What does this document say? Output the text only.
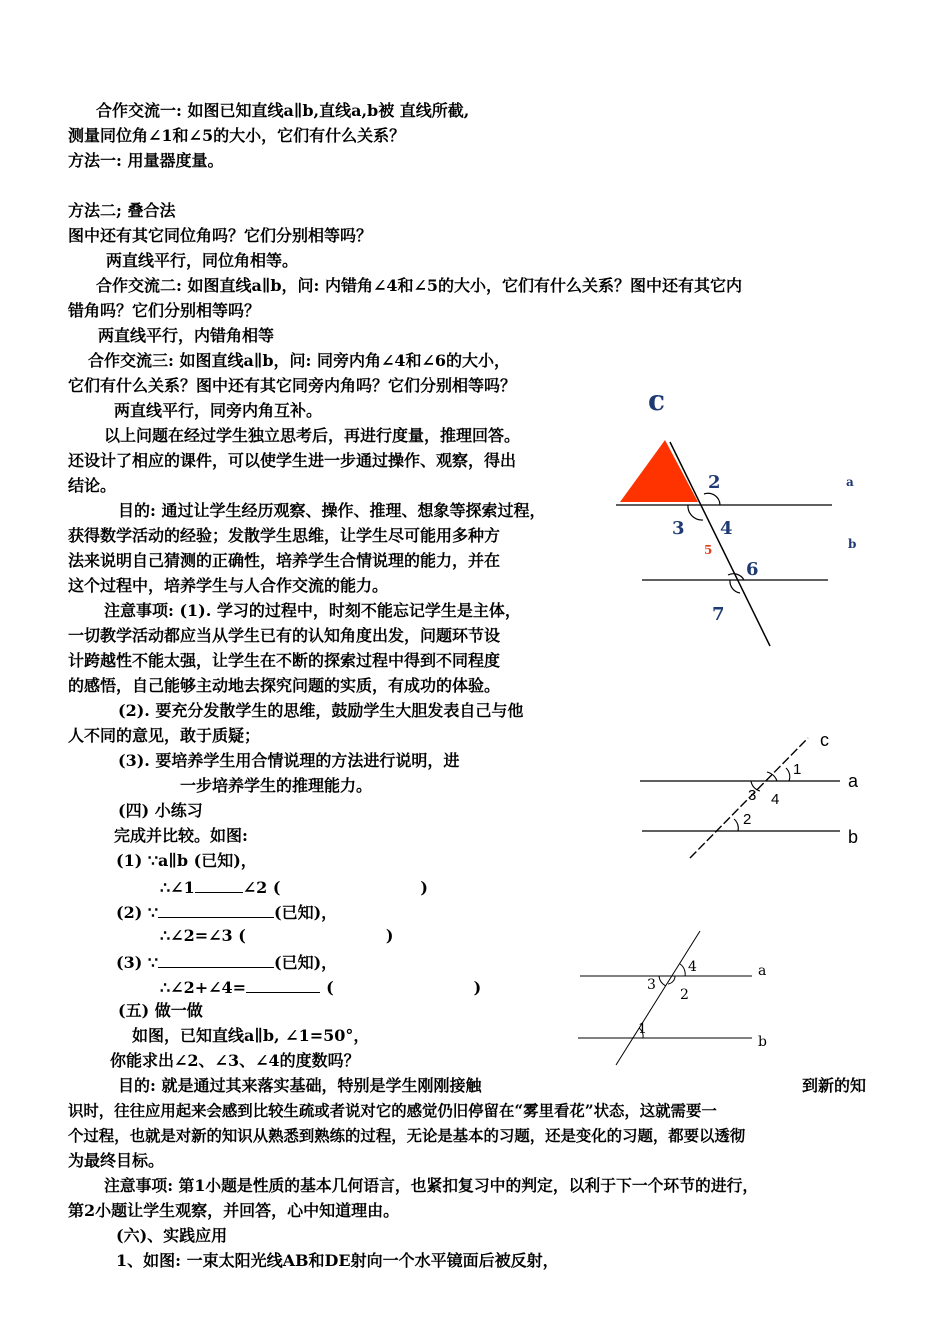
合作交流一: 如图已知直线a∥b,直线a,b被 直线所截,
测量同位角∠1和∠5的大小，它们有什么关系？
方法一: 用量器度量。
方法二; 叠合法
图中还有其它同位角吗？它们分别相等吗？
两直线平行，同位角相等。
合作交流二: 如图直线a∥b，问: 内错角∠4和∠5的大小，它们有什么关系？图中还有其它内
错角吗？它们分别相等吗？
两直线平行，内错角相等
合作交流三: 如图直线a∥b，问: 同旁内角∠4和∠6的大小，
它们有什么关系？图中还有其它同旁内角吗？它们分别相等吗？
两直线平行，同旁内角互补。
以上问题在经过学生独立思考后，再进行度量，推理回答。
还设计了相应的课件，可以使学生进一步通过操作、观察，得出
结论。
目的: 通过让学生经历观察、操作、推理、想象等探索过程，
获得数学活动的经验；发散学生思维，让学生尽可能用多种方
法来说明自己猜测的正确性，培养学生合情说理的能力，并在
这个过程中，培养学生与人合作交流的能力。
注意事项: (1). 学习的过程中，时刻不能忘记学生是主体，
一切教学活动都应当从学生已有的认知角度出发，问题环节设
计跨越性不能太强，让学生在不断的探索过程中得到不同程度
的感悟，自己能够主动地去探究问题的实质，有成功的体验。
(2). 要充分发散学生的思维，鼓励学生大胆发表自己与他
人不同的意见，敢于质疑；
(3). 要培养学生用合情说理的方法进行说明，进
一步培养学生的推理能力。
(四) 小练习
完成并比较。如图:
(1) ∵a∥b (已知)，
∴∠1	∠2 (	)
(2) ∵	(已知)，
∴∠2=∠3 (	)
(3) ∵	(已知)，
∴∠2+∠4=	(	)
(五) 做一做
如图，已知直线a∥b, ∠1=50°，
你能求出∠2、∠3、∠4的度数吗？
目的: 就是通过其来落实基础，特别是学生刚刚接触	到新的知
识时，往往应用起来会感到比较生疏或者说对它的感觉仍旧停留在“雾里看花”状态，这就需要一
个过程，也就是对新的知识从熟悉到熟练的过程，无论是基本的习题，还是变化的习题，都要以透彻
为最终目标。
注意事项: 第1小题是性质的基本几何语言，也紧扣复习中的判定，以利于下一个环节的进行，
第2小题让学生观察，并回答，心中知道理由。
(六)、实践应用
1、如图: 一束太阳光线AB和DE射向一个水平镜面后被反射，
c
a
b
2
3 4
5
6
7
c
a
b
1
3 4
2
a
b
4
3
2
1
